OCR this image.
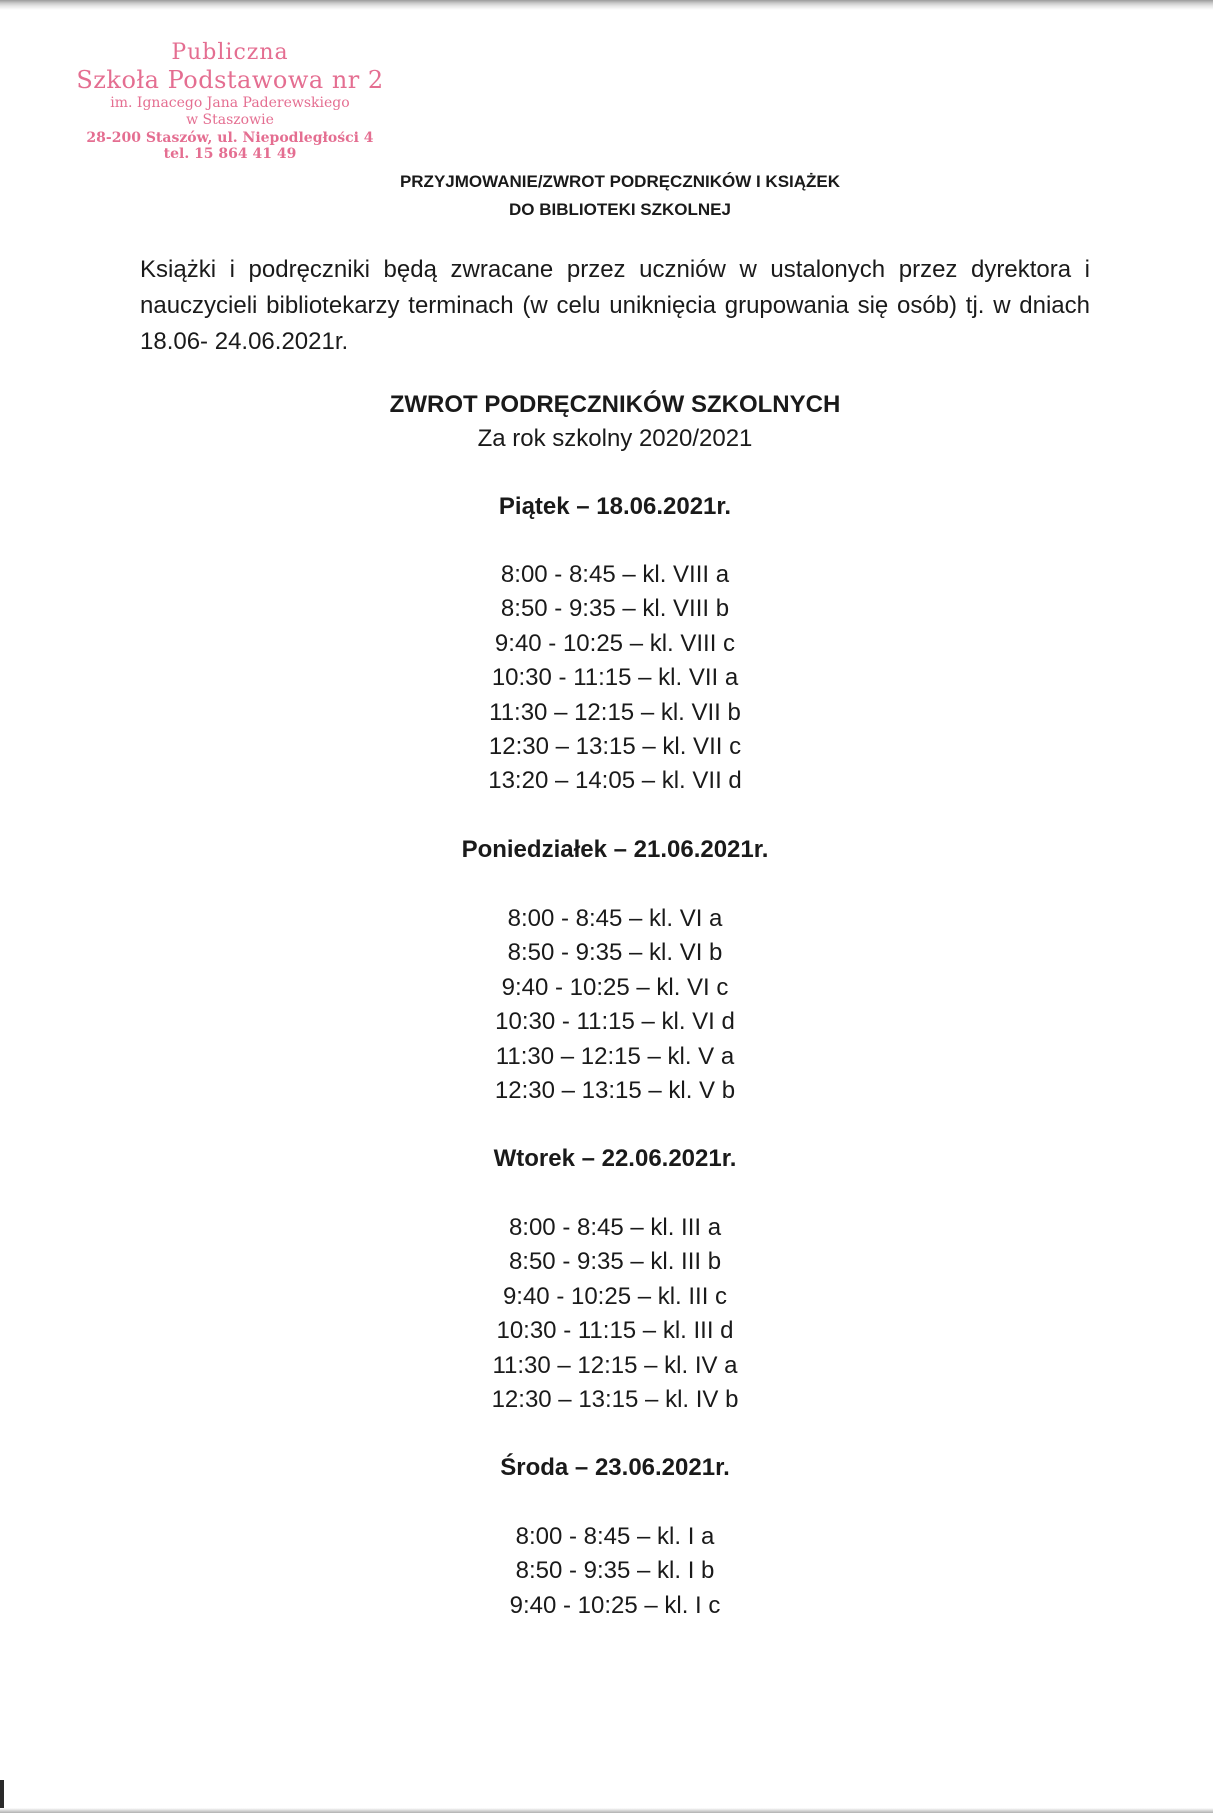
Publiczna
Szkoła Podstawowa nr 2
im. Ignacego Jana Paderewskiego
w Staszowie
28-200 Staszów, ul. Niepodległości 4
tel. 15 864 41 49
PRZYJMOWANIE/ZWROT PODRĘCZNIKÓW I KSIĄŻEK
DO BIBLIOTEKI SZKOLNEJ
Książki i podręczniki będą zwracane przez uczniów w ustalonych przez dyrektora i nauczycieli bibliotekarzy terminach (w celu uniknięcia grupowania się osób) tj. w dniach 18.06- 24.06.2021r.
ZWROT PODRĘCZNIKÓW SZKOLNYCH
Za rok szkolny 2020/2021
Piątek – 18.06.2021r.
8:00 - 8:45 – kl. VIII a
8:50 - 9:35 – kl. VIII b
9:40 - 10:25 – kl. VIII c
10:30 - 11:15 – kl. VII a
11:30 – 12:15 – kl. VII b
12:30 – 13:15 – kl. VII c
13:20 – 14:05 – kl. VII d
Poniedziałek – 21.06.2021r.
8:00 - 8:45 – kl. VI a
8:50 - 9:35 – kl. VI b
9:40 - 10:25 – kl. VI c
10:30 - 11:15 – kl. VI d
11:30 – 12:15 – kl. V a
12:30 – 13:15 – kl. V b
Wtorek – 22.06.2021r.
8:00 - 8:45 – kl. III a
8:50 - 9:35 – kl. III b
9:40 - 10:25 – kl. III c
10:30 - 11:15 – kl. III d
11:30 – 12:15 – kl. IV a
12:30 – 13:15 – kl. IV b
Środa – 23.06.2021r.
8:00 - 8:45 – kl. I a
8:50 - 9:35 – kl. I b
9:40 - 10:25 – kl. I c
